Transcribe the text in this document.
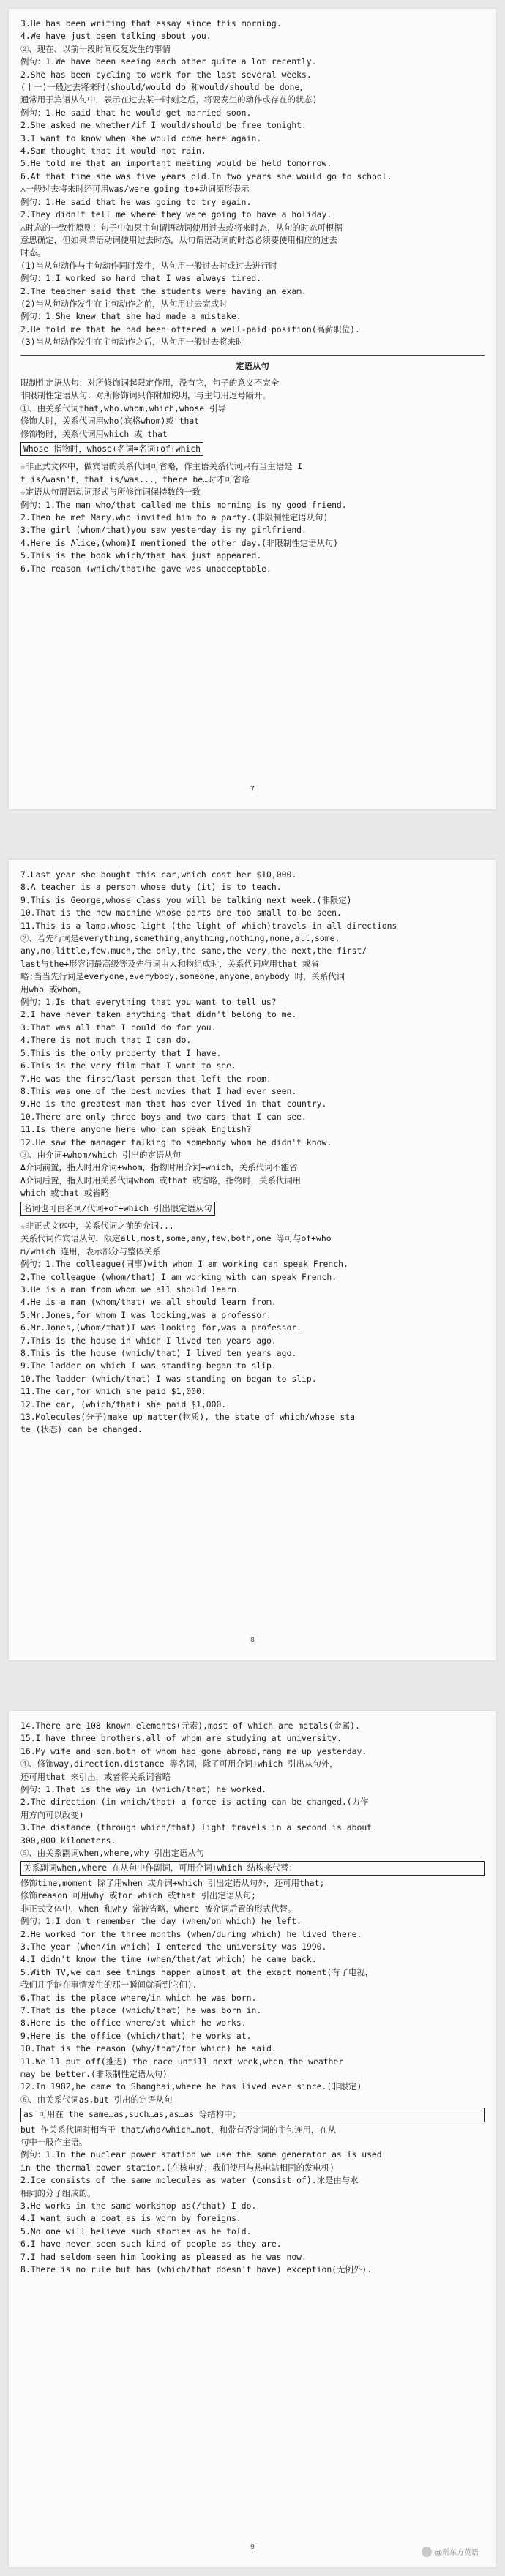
3.He has been writing that essay since this morning.
4.We have just been talking about you.
②、现在、以前一段时间反复发生的事情
例句：1.We have been seeing each other quite a lot recently.
2.She has been cycling to work for the last several weeks.
(十一)一般过去将来时(should/would do 和would/should be done，
通常用于宾语从句中，表示在过去某一时刻之后，将要发生的动作或存在的状态)
例句：1.He said that he would get married soon.
2.She asked me whether/if I would/should be free tonight.
3.I want to know when she would come here again.
4.Sam thought that it would not rain.
5.He told me that an important meeting would be held tomorrow.
6.At that time she was five years old.In two years she would go to school.
△一般过去将来时还可用was/were going to+动词原形表示
例句：1.He said that he was going to try again.
2.They didn't tell me where they were going to have a holiday.
△时态的一致性原则：句子中如果主句谓语动词使用过去或将来时态，从句的时态可根据
意思确定，但如果谓语动词使用过去时态，从句谓语动词的时态必须要使用相应的过去
时态。
(1)当从句动作与主句动作同时发生，从句用一般过去时或过去进行时
例句：1.I worked so hard that I was always tired.
2.The teacher said that the students were having an exam.
(2)当从句动作发生在主句动作之前，从句用过去完成时
例句：1.She knew that she had made a mistake.
2.He told me that he had been offered a well-paid position(高薪职位).
(3)当从句动作发生在主句动作之后，从句用一般过去将来时
定语从句
限制性定语从句：对所修饰词起限定作用，没有它，句子的意义不完全
非限制性定语从句：对所修饰词只作附加说明，与主句用逗号隔开。
①、由关系代词that,who,whom,which,whose 引导
修饰人时，关系代词用who(宾格whom)或 that
修饰物时，关系代词用which 或 that
Whose 指物时，whose+名词=名词+of+which
☆非正式文体中，做宾语的关系代词可省略，作主语关系代词只有当主语是 I
t is/wasn't，that is/was...，there be…时才可省略
☆定语从句谓语动词形式与所修饰词保持数的一致
例句：1.The man who/that called me this morning is my good friend.
2.Then he met Mary,who invited him to a party.(非限制性定语从句)
3.The girl (whom/that)you saw yesterday is my girlfriend.
4.Here is Alice,(whom)I mentioned the other day.(非限制性定语从句)
5.This is the book which/that has just appeared.
6.The reason (which/that)he gave was unacceptable.
7
7.Last year she bought this car,which cost her $10,000.
8.A teacher is a person whose duty (it) is to teach.
9.This is George,whose class you will be talking next week.(非限定)
10.That is the new machine whose parts are too small to be seen.
11.This is a lamp,whose light (the light of which)travels in all directions
②、若先行词是everything,something,anything,nothing,none,all,some,
any,no,little,few,much,the only,the same,the very,the next,the first/
last与the+形容词最高级等及先行词由人和物组成时，关系代词应用that 或省
略;当当先行词是everyone,everybody,someone,anyone,anybody 时，关系代词
用who 或whom。
例句：1.Is that everything that you want to tell us?
2.I have never taken anything that didn't belong to me.
3.That was all that I could do for you.
4.There is not much that I can do.
5.This is the only property that I have.
6.This is the very film that I want to see.
7.He was the first/last person that left the room.
8.This was one of the best movies that I had ever seen.
9.He is the greatest man that has ever lived in that country.
10.There are only three boys and two cars that I can see.
11.Is there anyone here who can speak English?
12.He saw the manager talking to somebody whom he didn't know.
③、由介词+whom/which 引出的定语从句
Δ介词前置，指人时用介词+whom，指物时用介词+which，关系代词不能省
Δ介词后置，指人时用关系代词whom 或that 或省略，指物时，关系代词用
which 或that 或省略
名词也可由名词/代词+of+which 引出限定语从句
☆非正式文体中，关系代词之前的介词...
关系代词作宾语从句，限定all,most,some,any,few,both,one 等可与of+who
m/which 连用，表示部分与整体关系
例句：1.The colleague(同事)with whom I am working can speak French.
2.The colleague (whom/that) I am working with can speak French.
3.He is a man from whom we all should learn.
4.He is a man (whom/that) we all should learn from.
5.Mr.Jones,for whom I was looking,was a professor.
6.Mr.Jones,(whom/that)I was looking for,was a professor.
7.This is the house in which I lived ten years ago.
8.This is the house (which/that) I lived ten years ago.
9.The ladder on which I was standing began to slip.
10.The ladder (which/that) I was standing on began to slip.
11.The car,for which she paid $1,000.
12.The car, (which/that) she paid $1,000.
13.Molecules(分子)make up matter(物质), the state of which/whose sta
te (状态) can be changed.
8
14.There are 108 known elements(元素),most of which are metals(金属).
15.I have three brothers,all of whom are studying at university.
16.My wife and son,both of whom had gone abroad,rang me up yesterday.
④、修饰way,direction,distance 等名词，除了可用介词+which 引出从句外，
还可用that 来引出，或者将关系词省略
例句：1.That is the way in (which/that) he worked.
2.The direction (in which/that) a force is acting can be changed.(力作
用方向可以改变)
3.The distance (through which/that) light travels in a second is about
300,000 kilometers.
⑤、由关系副词when,where,why 引出定语从句
关系副词when,where 在从句中作副词，可用介词+which 结构来代替；
修饰time,moment 除了用when 或介词+which 引出定语从句外，还可用that;
修饰reason 可用why 或for which 或that 引出定语从句;
非正式文体中，when 和why 常被省略，where 被介词后置的形式代替。
例句：1.I don't remember the day (when/on which) he left.
2.He worked for the three months (when/during which) he lived there.
3.The year (when/in which) I entered the university was 1990.
4.I didn't know the time (when/that/at which) he came back.
5.With TV,we can see things happen almost at the exact moment(有了电视，
我们几乎能在事情发生的那一瞬间就看到它们).
6.That is the place where/in which he was born.
7.That is the place (which/that) he was born in.
8.Here is the office where/at which he works.
9.Here is the office (which/that) he works at.
10.That is the reason (why/that/for which) he said.
11.We'll put off(推迟) the race untill next week,when the weather
may be better.(非限制性定语从句)
12.In 1982,he came to Shanghai,where he has lived ever since.(非限定)
⑥、由关系代词as,but 引出的定语从句
as 可用在 the same…as,such…as,as…as 等结构中；
but 作关系代词时相当于 that/who/which…not，和带有否定词的主句连用，在从
句中一般作主语。
例句：1.In the nuclear power station we use the same generator as is used
in the thermal power station.(在核电站，我们使用与热电站相同的发电机)
2.Ice consists of the same molecules as water (consist of).冰是由与水
相同的分子组成的。
3.He works in the same workshop as(/that) I do.
4.I want such a coat as is worn by foreigns.
5.No one will believe such stories as he told.
6.I have never seen such kind of people as they are.
7.I had seldom seen him looking as pleased as he was now.
8.There is no rule but has (which/that doesn't have) exception(无例外).
9
@新东方英语
